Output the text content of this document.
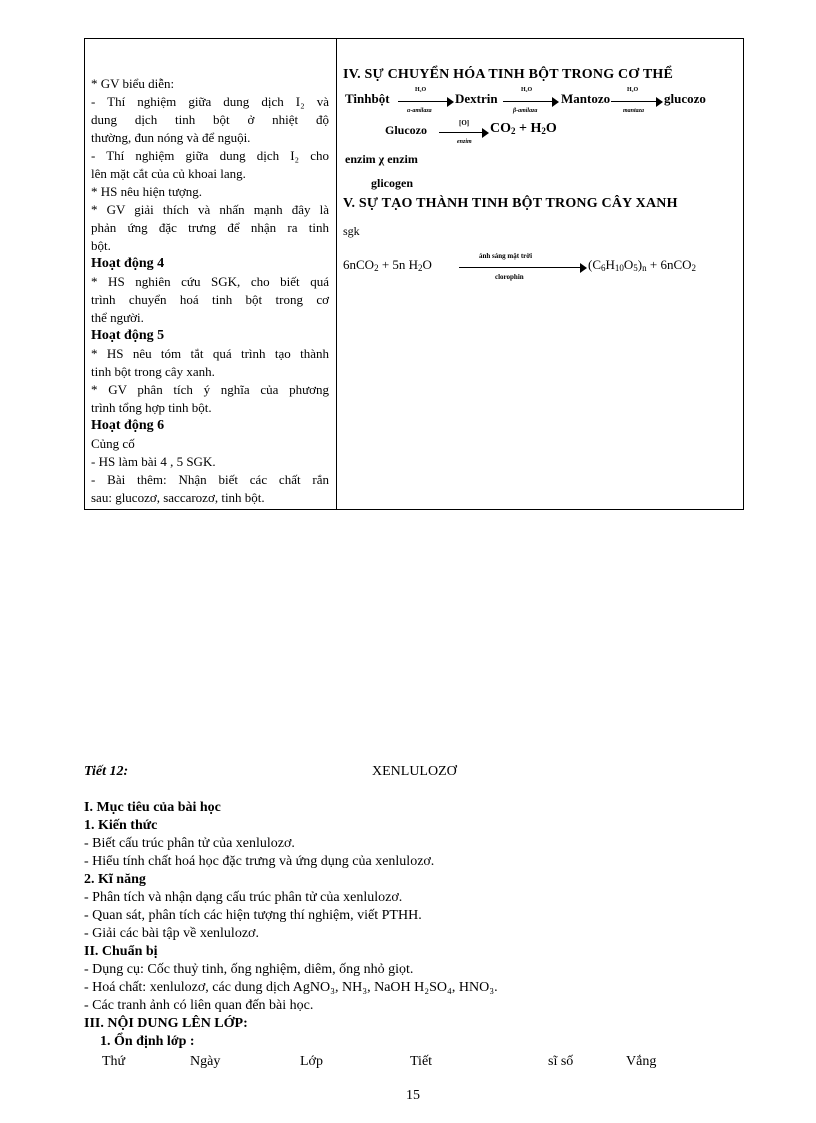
* GV biểu diễn:
- Thí nghiệm giữa dung dịch I₂ và
dung dịch tinh bột ở nhiệt độ
thường, đun nóng và để nguội.
- Thí nghiệm giữa dung dịch I₂ cho
lên mặt cắt của củ khoai lang.
* HS nêu hiện tượng.
* GV giải thích và nhấn mạnh đây là
phản ứng đặc trưng để nhận ra tinh
bột.
Hoạt động 4
* HS nghiên cứu SGK, cho biết quá
trình chuyển hoá tinh bột trong cơ
thể người.
Hoạt động 5
* HS nêu tóm tắt quá trình tạo thành
tinh bột trong cây xanh.
* GV phân tích ý nghĩa của phương
trình tổng hợp tinh bột.
Hoạt động 6
Củng cố
- HS làm bài 4 , 5 SGK.
- Bài thêm: Nhận biết các chất rắn
sau: glucozơ, saccarozơ, tinh bột.
IV. SỰ CHUYỂN HÓA TINH BỘT TRONG CƠ THỂ
Tinhbột
H₂O
α-amilaza
Dextrin
H₂O
β-amilaza
Mantozo
H₂O
mantaza
glucozo
Glucozo	[O]
enzim
$CO_2 + H_2O$
enzim χ enzim
glicogen
V. SỰ TẠO THÀNH TINH BỘT TRONG CÂY XANH
sgk
6nCO$_2$ + 5n $H_2O$
ánh sáng mặt trời
clorophin
$(C_6H_{10}O_5)_n + 6nCO_2$
Tiết 12:	XENLULOZƠ
I. Mục tiêu của bài học
1. Kiến thức
- Biết cấu trúc phân tử của xenlulozơ.
- Hiểu tính chất hoá học đặc trưng và ứng dụng của xenlulozơ.
2. Kĩ năng
- Phân tích và nhận dạng cấu trúc phân tử của xenlulozơ.
- Quan sát, phân tích các hiện tượng thí nghiệm, viết PTHH.
- Giải các bài tập về xenlulozơ.
II. Chuẩn bị
- Dụng cụ: Cốc thuỷ tinh, ống nghiệm, diêm, ống nhỏ giọt.
- Hoá chất: xenlulozơ, các dung dịch AgNO₃, NH₃, NaOH H₂SO₄, HNO₃.
- Các tranh ảnh có liên quan đến bài học.
III. NỘI DUNG LÊN LỚP:
1. Ổn định lớp :
Thứ	Ngày	Lớp	Tiết	sĩ số	Vắng
15
